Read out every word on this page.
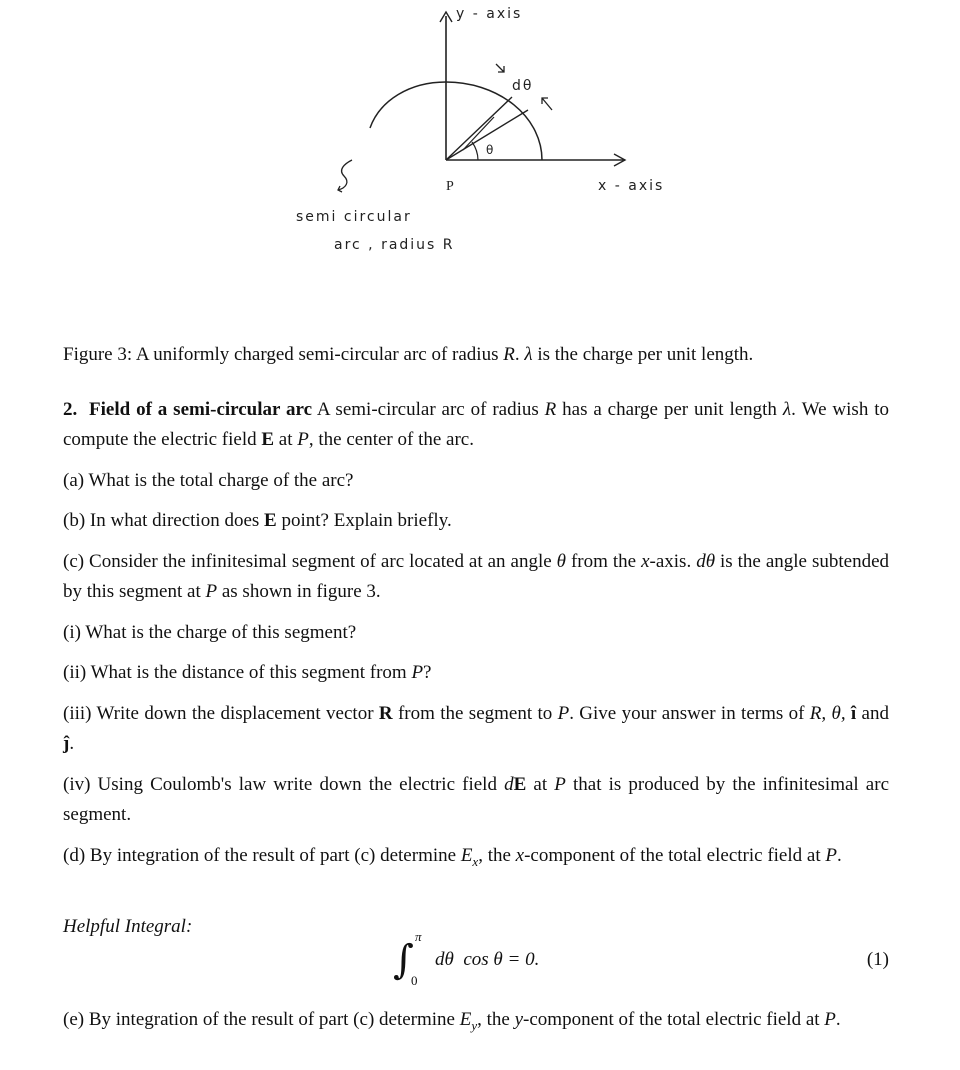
y - axis
dθ
θ
P	x - axis
semi circular
arc , radius R
Figure 3: A uniformly charged semi-circular arc of radius R. λ is the charge per unit length.
2. Field of a semi-circular arc A semi-circular arc of radius R has a charge per unit length λ. We wish to compute the electric field E at P, the center of the arc.
(a) What is the total charge of the arc?
(b) In what direction does E point? Explain briefly.
(c) Consider the infinitesimal segment of arc located at an angle θ from the x-axis. dθ is the angle subtended by this segment at P as shown in figure 3.
(i) What is the charge of this segment?
(ii) What is the distance of this segment from P?
(iii) Write down the displacement vector R from the segment to P. Give your answer in terms of R, θ, î and ĵ.
(iv) Using Coulomb's law write down the electric field dE at P that is produced by the infinitesimal arc segment.
(d) By integration of the result of part (c) determine $E_x$, the x-component of the total electric field at P.
Helpful Integral:
∫
π
0
dθ  cos θ = 0.	(1)
(e) By integration of the result of part (c) determine $E_y$, the y-component of the total electric field at P.
